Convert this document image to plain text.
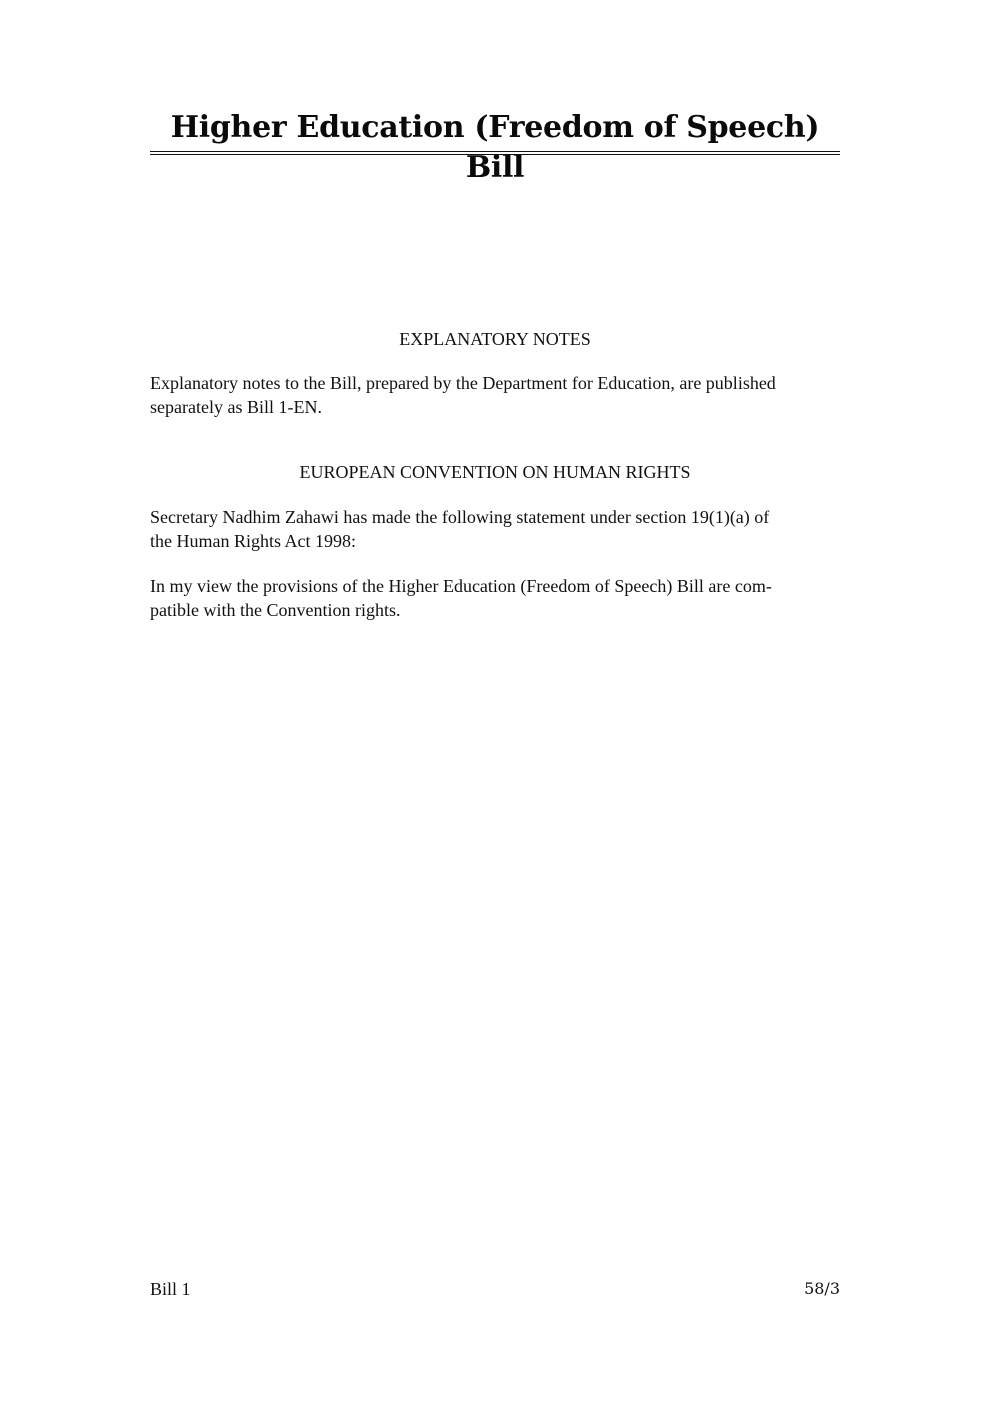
Higher Education (Freedom of Speech) Bill
EXPLANATORY NOTES

Explanatory notes to the Bill, prepared by the Department for Education, are published
separately as Bill 1-EN.

EUROPEAN CONVENTION ON HUMAN RIGHTS

Secretary Nadhim Zahawi has made the following statement under section 19(1)(a) of
the Human Rights Act 1998:

In my view the provisions of the Higher Education (Freedom of Speech) Bill are com-
patible with the Convention rights.

Bill 1	58/3
